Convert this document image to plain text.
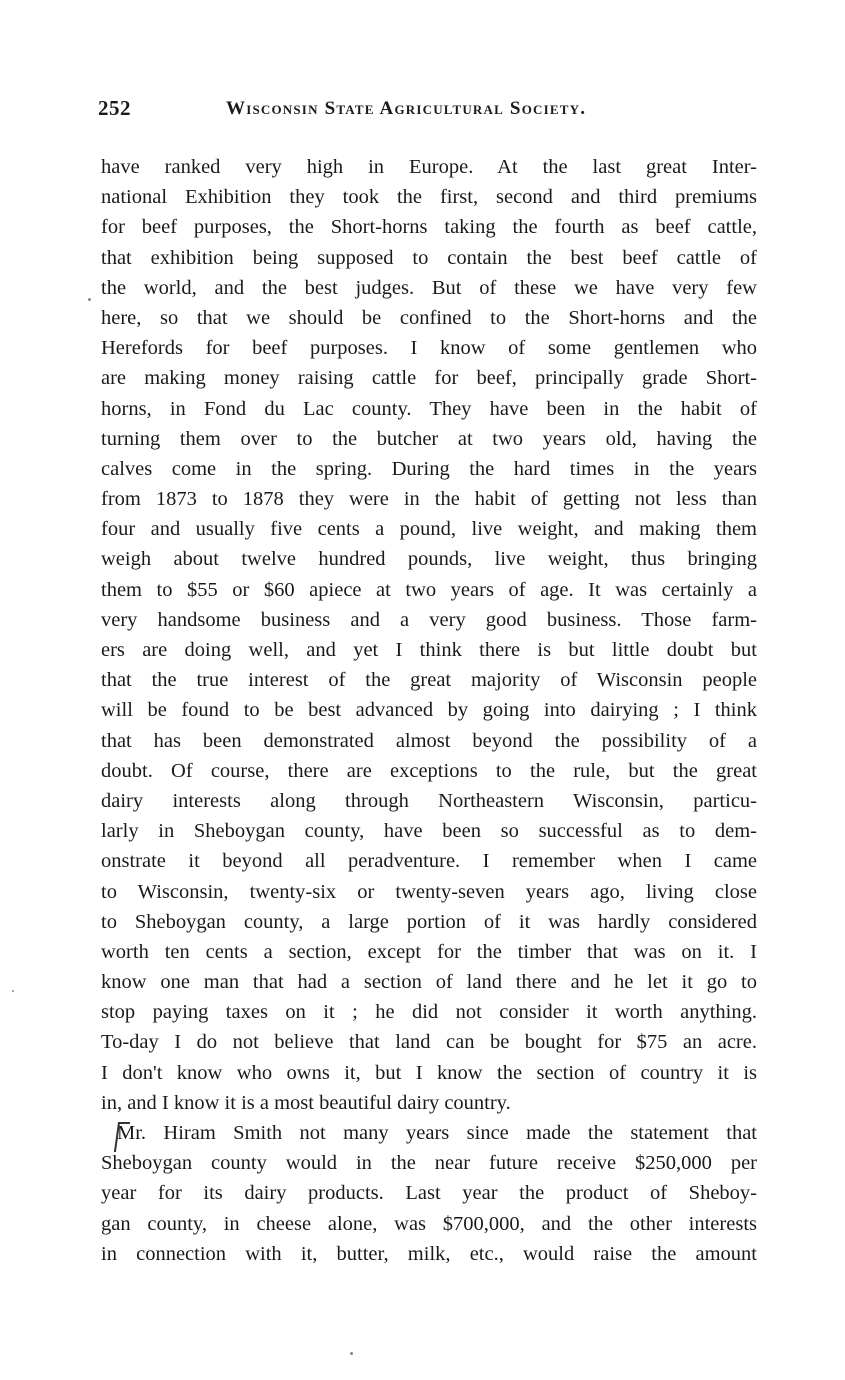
252	Wisconsin State Agricultural Society.
have ranked very high in Europe. At the last great Inter-
national Exhibition they took the first, second and third premiums
for beef purposes, the Short-horns taking the fourth as beef cattle,
that exhibition being supposed to contain the best beef cattle of
the world, and the best judges. But of these we have very few
here, so that we should be confined to the Short-horns and the
Herefords for beef purposes. I know of some gentlemen who
are making money raising cattle for beef, principally grade Short-
horns, in Fond du Lac county. They have been in the habit of
turning them over to the butcher at two years old, having the
calves come in the spring. During the hard times in the years
from 1873 to 1878 they were in the habit of getting not less than
four and usually five cents a pound, live weight, and making them
weigh about twelve hundred pounds, live weight, thus bringing
them to $55 or $60 apiece at two years of age. It was certainly a
very handsome business and a very good business. Those farm-
ers are doing well, and yet I think there is but little doubt but
that the true interest of the great majority of Wisconsin people
will be found to be best advanced by going into dairying ; I think
that has been demonstrated almost beyond the possibility of a
doubt. Of course, there are exceptions to the rule, but the great
dairy interests along through Northeastern Wisconsin, particu-
larly in Sheboygan county, have been so successful as to dem-
onstrate it beyond all peradventure. I remember when I came
to Wisconsin, twenty-six or twenty-seven years ago, living close
to Sheboygan county, a large portion of it was hardly considered
worth ten cents a section, except for the timber that was on it. I
know one man that had a section of land there and he let it go to
stop paying taxes on it ; he did not consider it worth anything.
To-day I do not believe that land can be bought for $75 an acre.
I don't know who owns it, but I know the section of country it is
in, and I know it is a most beautiful dairy country.
Mr. Hiram Smith not many years since made the statement that
Sheboygan county would in the near future receive $250,000 per
year for its dairy products. Last year the product of Sheboy-
gan county, in cheese alone, was $700,000, and the other interests
in connection with it, butter, milk, etc., would raise the amount
